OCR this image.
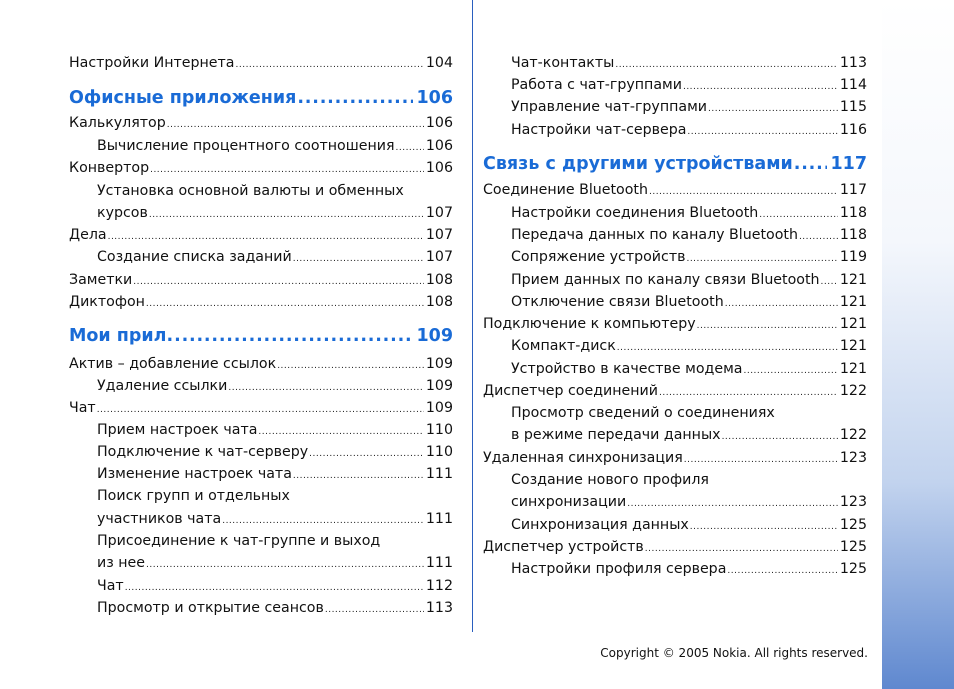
Настройки Интернета .....	104
Офисные приложения .....	106
Калькулятор .....	106
Вычисление процентного соотношения ..... 106
Конвертор .....	106
Установка основной валюты и обменных
курсов .....	107
Дела .....	107
Создание списка заданий .....	107
Заметки .....	108
Диктофон .....	108
Мои прил. .....	109
Актив – добавление ссылок .....	109
Удаление ссылки .....	109
Чат .....	109
Прием настроек чата .....	110
Подключение к чат-серверу .....	110
Изменение настроек чата .....	111
Поиск групп и отдельных
участников чата .....	111
Присоединение к чат-группе и выход
из нее .....	111
Чат .....	112
Просмотр и открытие сеансов .....	113
Чат-контакты .....	113
Работа с чат-группами .....	114
Управление чат-группами .....	115
Настройки чат-сервера .....	116
Связь с другими устройствами ..... 117
Соединение Bluetooth .....	117
Настройки соединения Bluetooth .....	118
Передача данных по каналу Bluetooth .....	118
Сопряжение устройств .....	119
Прием данных по каналу связи Bluetooth ..... 121
Отключение связи Bluetooth .....	121
Подключение к компьютеру .....	121
Компакт-диск .....	121
Устройство в качестве модема .....	121
Диспетчер соединений .....	122
Просмотр сведений о соединениях
в режиме передачи данных .....	122
Удаленная синхронизация .....	123
Создание нового профиля
синхронизации .....	123
Синхронизация данных .....	125
Диспетчер устройств .....	125
Настройки профиля сервера .....	125
Copyright © 2005 Nokia. All rights reserved.
